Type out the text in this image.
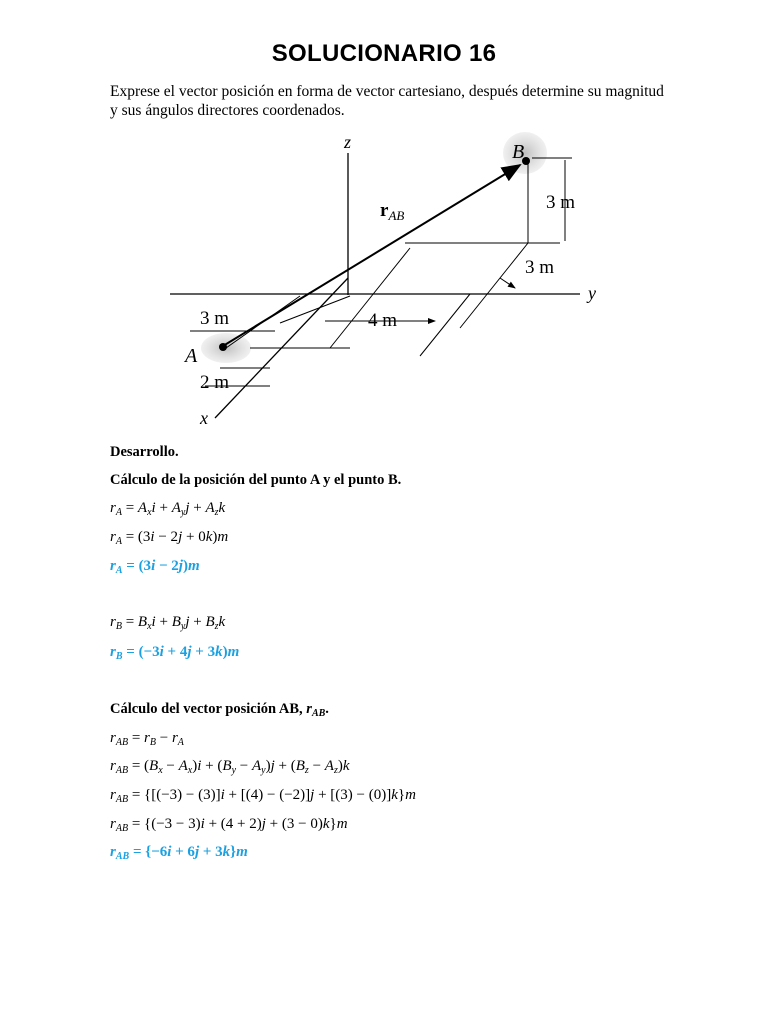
SOLUCIONARIO 16
Exprese el vector posición en forma de vector cartesiano, después determine su magnitud
y sus ángulos directores coordenados.
z
y
x
B
A
$r_{AB}$
3 m
3 m
4 m
3 m
2 m
Desarrollo.
Cálculo de la posición del punto A y el punto B.
$r_A = A_xi + A_yj + A_zk$
$r_A = (3i - 2j + 0k)m$
$r_A = (3i - 2j)m$
$r_B = B_xi + B_yj + B_zk$
$r_B = (-3i + 4j + 3k)m$
Cálculo del vector posición AB, $r_{AB}$.
$r_{AB} = r_B - r_A$
$r_{AB} = (B_x - A_x)i + (B_y - A_y)j + (B_z - A_z)k$
$r_{AB} = \{[(-3) - (3)]i + [(4) - (-2)]j + [(3) - (0)]k\}m$
$r_{AB} = \{(-3 - 3)i + (4 + 2)j + (3 - 0)k\}m$
$r_{AB} = \{-6i + 6j + 3k\}m$
